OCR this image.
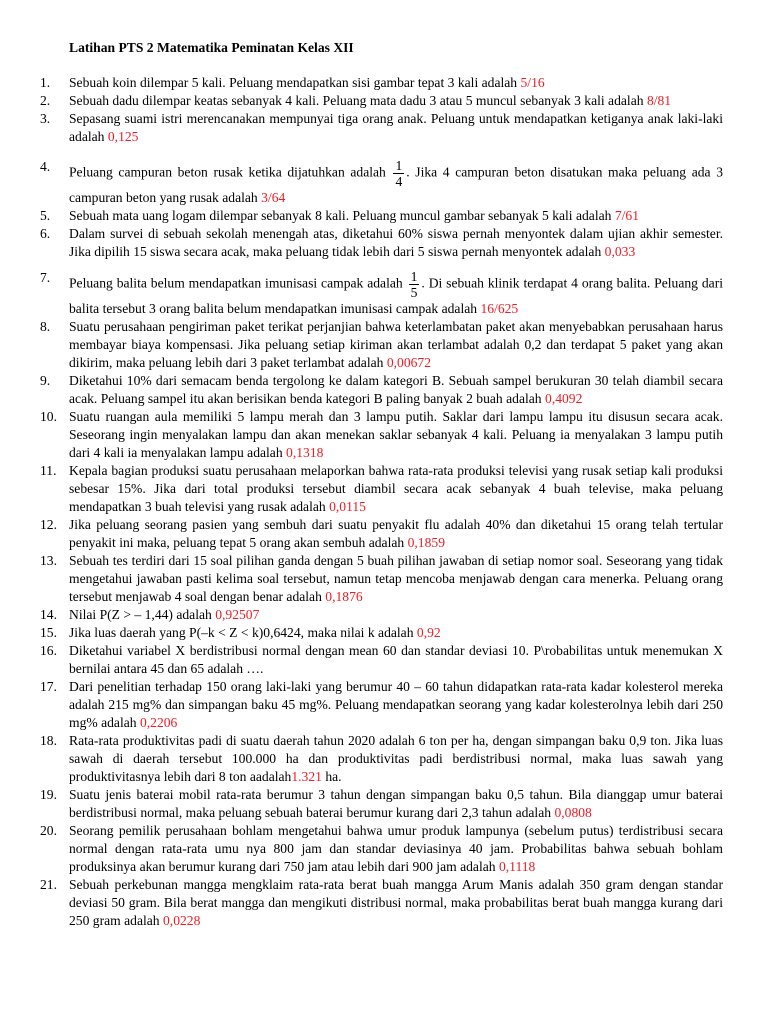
Latihan PTS 2 Matematika Peminatan Kelas XII
1. Sebuah koin dilempar 5 kali. Peluang mendapatkan sisi gambar tepat 3 kali adalah 5/16
2. Sebuah dadu dilempar keatas sebanyak 4 kali. Peluang mata dadu 3 atau 5 muncul sebanyak 3 kali adalah 8/81
3. Sepasang suami istri merencanakan mempunyai tiga orang anak. Peluang untuk mendapatkan ketiganya anak laki-laki adalah 0,125
4. Peluang campuran beton rusak ketika dijatuhkan adalah $\frac{1}{4}$ . Jika 4 campuran beton disatukan maka peluang ada 3 campuran beton yang rusak adalah 3/64
5. Sebuah mata uang logam dilempar sebanyak 8 kali. Peluang muncul gambar sebanyak 5 kali adalah 7/61
6. Dalam survei di sebuah sekolah menengah atas, diketahui 60% siswa pernah menyontek dalam ujian akhir semester. Jika dipilih 15 siswa secara acak, maka peluang tidak lebih dari 5 siswa pernah menyontek adalah 0,033
7. Peluang balita belum mendapatkan imunisasi campak adalah $\frac{1}{5}$ . Di sebuah klinik terdapat 4 orang balita. Peluang dari balita tersebut 3 orang balita belum mendapatkan imunisasi campak adalah 16/625
8. Suatu perusahaan pengiriman paket terikat perjanjian bahwa keterlambatan paket akan menyebabkan perusahaan harus membayar biaya kompensasi. Jika peluang setiap kiriman akan terlambat adalah 0,2 dan terdapat 5 paket yang akan dikirim, maka peluang lebih dari 3 paket terlambat adalah 0,00672
9. Diketahui 10% dari semacam benda tergolong ke dalam kategori B. Sebuah sampel berukuran 30 telah diambil secara acak. Peluang sampel itu akan berisikan benda kategori B paling banyak 2 buah adalah 0,4092
10. Suatu ruangan aula memiliki 5 lampu merah dan 3 lampu putih. Saklar dari lampu lampu itu disusun secara acak. Seseorang ingin menyalakan lampu dan akan menekan saklar sebanyak 4 kali. Peluang ia menyalakan 3 lampu putih dari 4 kali ia menyalakan lampu adalah 0,1318
11. Kepala bagian produksi suatu perusahaan melaporkan bahwa rata-rata produksi televisi yang rusak setiap kali produksi sebesar 15%. Jika dari total produksi tersebut diambil secara acak sebanyak 4 buah televise, maka peluang mendapatkan 3 buah televisi yang rusak adalah 0,0115
12. Jika peluang seorang pasien yang sembuh dari suatu penyakit flu adalah 40% dan diketahui 15 orang telah tertular penyakit ini maka, peluang tepat 5 orang akan sembuh adalah 0,1859
13. Sebuah tes terdiri dari 15 soal pilihan ganda dengan 5 buah pilihan jawaban di setiap nomor soal. Seseorang yang tidak mengetahui jawaban pasti kelima soal tersebut, namun tetap mencoba menjawab dengan cara menerka. Peluang orang tersebut menjawab 4 soal dengan benar adalah 0,1876
14. Nilai P(Z > – 1,44) adalah 0,92507
15. Jika luas daerah yang P(–k < Z < k)0,6424, maka nilai k adalah 0,92
16. Diketahui variabel X berdistribusi normal dengan mean 60 dan standar deviasi 10. P\robabilitas untuk menemukan X bernilai antara 45 dan 65 adalah ….
17. Dari penelitian terhadap 150 orang laki-laki yang berumur 40 – 60 tahun didapatkan rata-rata kadar kolesterol mereka adalah 215 mg% dan simpangan baku 45 mg%. Peluang mendapatkan seorang yang kadar kolesterolnya lebih dari 250 mg% adalah 0,2206
18. Rata-rata produktivitas padi di suatu daerah tahun 2020 adalah 6 ton per ha, dengan simpangan baku 0,9 ton. Jika luas sawah di daerah tersebut 100.000 ha dan produktivitas padi berdistribusi normal, maka luas sawah yang produktivitasnya lebih dari 8 ton aadalah1.321 ha.
19. Suatu jenis baterai mobil rata-rata berumur 3 tahun dengan simpangan baku 0,5 tahun. Bila dianggap umur baterai berdistribusi normal, maka peluang sebuah baterai berumur kurang dari 2,3 tahun adalah 0,0808
20. Seorang pemilik perusahaan bohlam mengetahui bahwa umur produk lampunya (sebelum putus) terdistribusi secara normal dengan rata-rata umu nya 800 jam dan standar deviasinya 40 jam. Probabilitas bahwa sebuah bohlam produksinya akan berumur kurang dari 750 jam atau lebih dari 900 jam adalah 0,1118
21. Sebuah perkebunan mangga mengklaim rata-rata berat buah mangga Arum Manis adalah 350 gram dengan standar deviasi 50 gram. Bila berat mangga dan mengikuti distribusi normal, maka probabilitas berat buah mangga kurang dari 250 gram adalah 0,0228
